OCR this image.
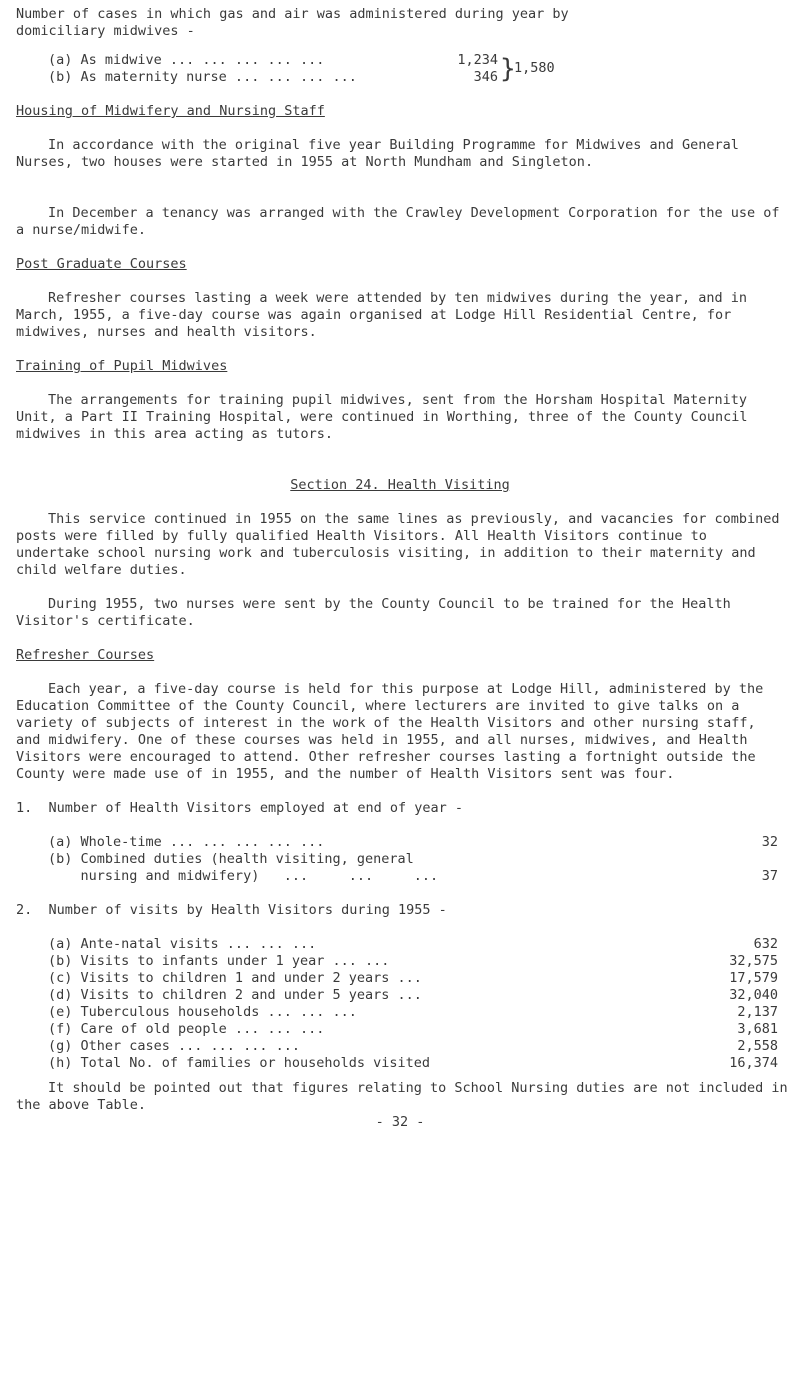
Number of cases in which gas and air was administered during year by

domiciliary midwives -

(a) As midwive ... ... ... ... ...	1,234
(b) As maternity nurse ... ... ... ...	346 }
1,580

Housing of Midwifery and Nursing Staff

In accordance with the original five year Building Programme for Midwives and General Nurses, two houses were started in 1955 at North Mundham and Singleton.

In December a tenancy was arranged with the Crawley Development Corporation for the use of a nurse/midwife.

Post Graduate Courses

Refresher courses lasting a week were attended by ten midwives during the year, and in March, 1955, a five-day course was again organised at Lodge Hill Residential Centre, for midwives, nurses and health visitors.

Training of Pupil Midwives

The arrangements for training pupil midwives, sent from the Horsham Hospital Maternity Unit, a Part II Training Hospital, were continued in Worthing, three of the County Council midwives in this area acting as tutors.

Section 24. Health Visiting

This service continued in 1955 on the same lines as previously, and vacancies for combined posts were filled by fully qualified Health Visitors. All Health Visitors continue to undertake school nursing work and tuberculosis visiting, in addition to their maternity and child welfare duties.

During 1955, two nurses were sent by the County Council to be trained for the Health Visitor's certificate.

Refresher Courses

Each year, a five-day course is held for this purpose at Lodge Hill, administered by the Education Committee of the County Council, where lecturers are invited to give talks on a variety of subjects of interest in the work of the Health Visitors and other nursing staff, and midwifery. One of these courses was held in 1955, and all nurses, midwives, and Health Visitors were encouraged to attend. Other refresher courses lasting a fortnight outside the County were made use of in 1955, and the number of Health Visitors sent was four.

1.  Number of Health Visitors employed at end of year -

(a) Whole-time ... ... ... ... ...	32
(b) Combined duties (health visiting, general
nursing and midwifery)   ...     ...     ...	37

2.  Number of visits by Health Visitors during 1955 -

(a) Ante-natal visits ... ... ...	632
(b) Visits to infants under 1 year ... ...	32,575
(c) Visits to children 1 and under 2 years ...	17,579
(d) Visits to children 2 and under 5 years ...	32,040
(e) Tuberculous households ... ... ...	2,137
(f) Care of old people ... ... ...	3,681
(g) Other cases ... ... ... ...	2,558
(h) Total No. of families or households visited	16,374

It should be pointed out that figures relating to School Nursing duties are not included in the above Table.

- 32 -
